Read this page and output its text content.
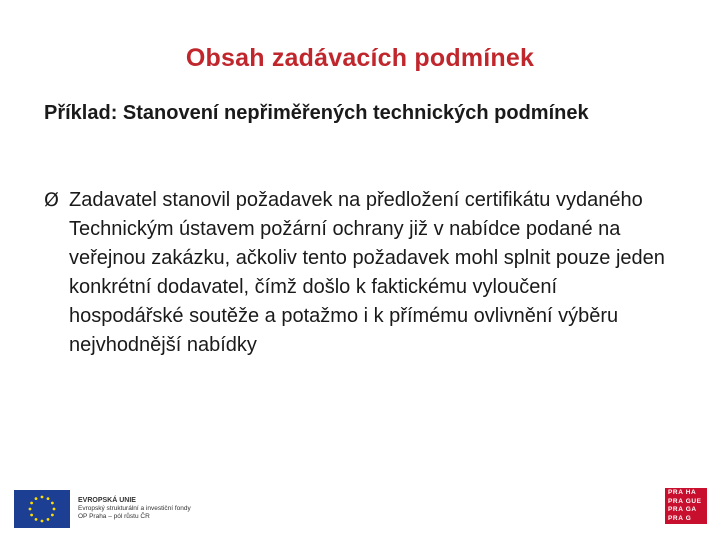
Obsah zadávacích podmínek
Příklad: Stanovení nepřiměřených technických podmínek
Ø Zadavatel stanovil požadavek na předložení certifikátu vydaného Technickým ústavem požární ochrany již v nabídce podané na veřejnou zakázku, ačkoliv tento požadavek mohl splnit pouze jeden konkrétní dodavatel, čímž došlo k faktickému vyloučení hospodářské soutěže a potažmo i k přímému ovlivnění výběru nejvhodnější nabídky
EVROPSKÁ UNIE
Evropský strukturální a investiční fondy
OP Praha – pól růstu ČR
PRA HA
PRA GUE
PRA GA
PRA G
